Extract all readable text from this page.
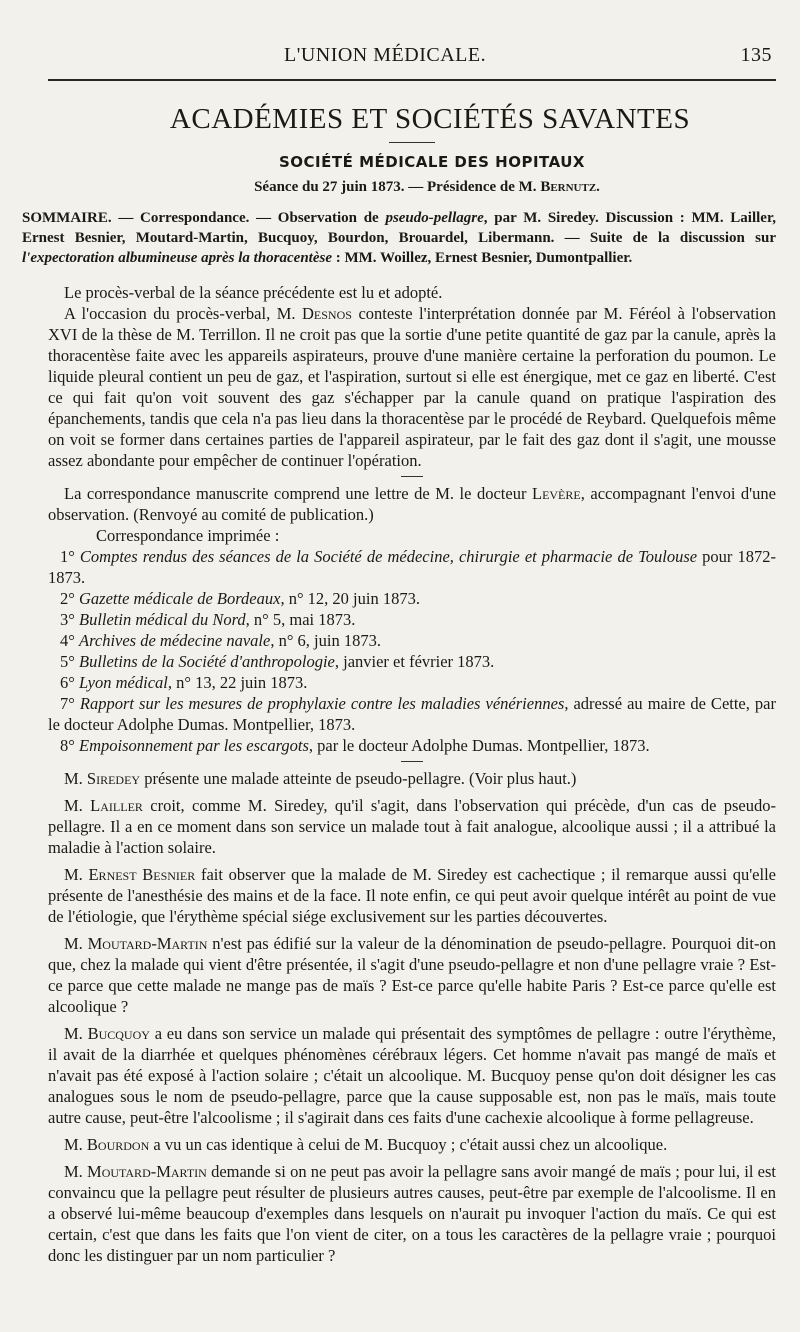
L'UNION MÉDICALE.	135
ACADÉMIES ET SOCIÉTÉS SAVANTES
SOCIÉTÉ MÉDICALE DES HOPITAUX
Séance du 27 juin 1873. — Présidence de M. Bernutz.
SOMMAIRE. — Correspondance. — Observation de pseudo-pellagre, par M. Siredey. Discussion : MM. Lailler, Ernest Besnier, Moutard-Martin, Bucquoy, Bourdon, Brouardel, Libermann. — Suite de la discussion sur l'expectoration albumineuse après la thoracentèse : MM. Woillez, Ernest Besnier, Dumontpallier.

Le procès-verbal de la séance précédente est lu et adopté.

A l'occasion du procès-verbal, M. Desnos conteste l'interprétation donnée par M. Féréol à l'observation XVI de la thèse de M. Terrillon. Il ne croit pas que la sortie d'une petite quantité de gaz par la canule, après la thoracentèse faite avec les appareils aspirateurs, prouve d'une manière certaine la perforation du poumon. Le liquide pleural contient un peu de gaz, et l'aspiration, surtout si elle est énergique, met ce gaz en liberté. C'est ce qui fait qu'on voit souvent des gaz s'échapper par la canule quand on pratique l'aspiration des épanchements, tandis que cela n'a pas lieu dans la thoracentèse par le procédé de Reybard. Quelquefois même on voit se former dans certaines parties de l'appareil aspirateur, par le fait des gaz dont il s'agit, une mousse assez abondante pour empêcher de continuer l'opération.

La correspondance manuscrite comprend une lettre de M. le docteur Levère, accompagnant l'envoi d'une observation. (Renvoyé au comité de publication.)

Correspondance imprimée :

1° Comptes rendus des séances de la Société de médecine, chirurgie et pharmacie de Toulouse pour 1872-1873.

2° Gazette médicale de Bordeaux, n° 12, 20 juin 1873.

3° Bulletin médical du Nord, n° 5, mai 1873.

4° Archives de médecine navale, n° 6, juin 1873.

5° Bulletins de la Société d'anthropologie, janvier et février 1873.

6° Lyon médical, n° 13, 22 juin 1873.

7° Rapport sur les mesures de prophylaxie contre les maladies vénériennes, adressé au maire de Cette, par le docteur Adolphe Dumas. Montpellier, 1873.

8° Empoisonnement par les escargots, par le docteur Adolphe Dumas. Montpellier, 1873.

M. Siredey présente une malade atteinte de pseudo-pellagre. (Voir plus haut.)

M. Lailler croit, comme M. Siredey, qu'il s'agit, dans l'observation qui précède, d'un cas de pseudo-pellagre. Il a en ce moment dans son service un malade tout à fait analogue, alcoolique aussi ; il a attribué la maladie à l'action solaire.

M. Ernest Besnier fait observer que la malade de M. Siredey est cachectique ; il remarque aussi qu'elle présente de l'anesthésie des mains et de la face. Il note enfin, ce qui peut avoir quelque intérêt au point de vue de l'étiologie, que l'érythème spécial siége exclusivement sur les parties découvertes.

M. Moutard-Martin n'est pas édifié sur la valeur de la dénomination de pseudo-pellagre. Pourquoi dit-on que, chez la malade qui vient d'être présentée, il s'agit d'une pseudo-pellagre et non d'une pellagre vraie ? Est-ce parce que cette malade ne mange pas de maïs ? Est-ce parce qu'elle habite Paris ? Est-ce parce qu'elle est alcoolique ?

M. Bucquoy a eu dans son service un malade qui présentait des symptômes de pellagre : outre l'érythème, il avait de la diarrhée et quelques phénomènes cérébraux légers. Cet homme n'avait pas mangé de maïs et n'avait pas été exposé à l'action solaire ; c'était un alcoolique. M. Bucquoy pense qu'on doit désigner les cas analogues sous le nom de pseudo-pellagre, parce que la cause supposable est, non pas le maïs, mais toute autre cause, peut-être l'alcoolisme ; il s'agirait dans ces faits d'une cachexie alcoolique à forme pellagreuse.

M. Bourdon a vu un cas identique à celui de M. Bucquoy ; c'était aussi chez un alcoolique.

M. Moutard-Martin demande si on ne peut pas avoir la pellagre sans avoir mangé de maïs ; pour lui, il est convaincu que la pellagre peut résulter de plusieurs autres causes, peut-être par exemple de l'alcoolisme. Il en a observé lui-même beaucoup d'exemples dans lesquels on n'aurait pu invoquer l'action du maïs. Ce qui est certain, c'est que dans les faits que l'on vient de citer, on a tous les caractères de la pellagre vraie ; pourquoi donc les distinguer par un nom particulier ?
